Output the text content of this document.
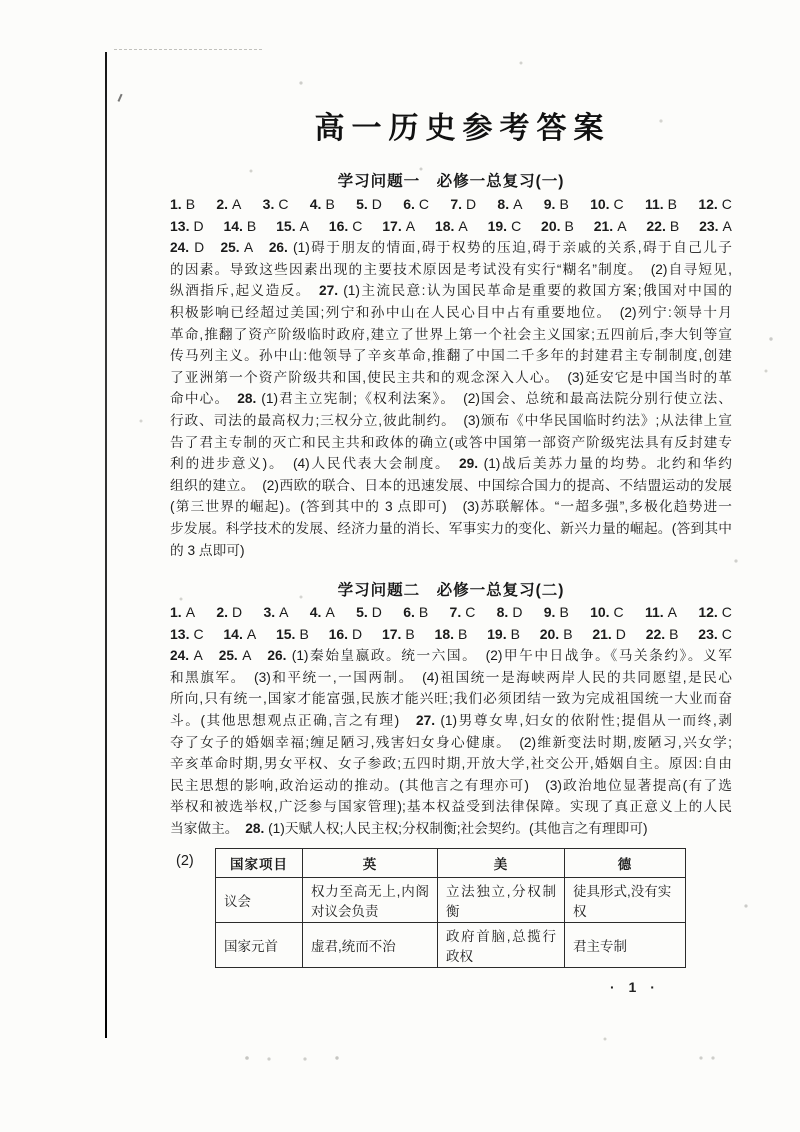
高一历史参考答案
学习问题一　必修一总复习(一)
1. B 2. A 3. C 4. B 5. D 6. C 7. D 8. A 9. B 10. C 11. B 12. C
13. D 14. B 15. A 16. C 17. A 18. A 19. C 20. B 21. A 22. B 23. A
24. D　25. A　26. (1)碍于朋友的情面,碍于权势的压迫,碍于亲戚的关系,碍于自己儿子
的因素。导致这些因素出现的主要技术原因是考试没有实行“糊名”制度。　(2)自寻短见,
纵酒指斥,起义造反。　27. (1)主流民意:认为国民革命是重要的救国方案;俄国对中国的
积极影响已经超过美国;列宁和孙中山在人民心目中占有重要地位。　(2)列宁:领导十月
革命,推翻了资产阶级临时政府,建立了世界上第一个社会主义国家;五四前后,李大钊等宣
传马列主义。孙中山:他领导了辛亥革命,推翻了中国二千多年的封建君主专制制度,创建
了亚洲第一个资产阶级共和国,使民主共和的观念深入人心。　(3)延安它是中国当时的革
命中心。　28. (1)君主立宪制;《权利法案》。　(2)国会、总统和最高法院分别行使立法、
行政、司法的最高权力;三权分立,彼此制约。　(3)颁布《中华民国临时约法》;从法律上宣
告了君主专制的灭亡和民主共和政体的确立(或答中国第一部资产阶级宪法具有反封建专
利的进步意义)。　(4)人民代表大会制度。　29. (1)战后美苏力量的均势。北约和华约
组织的建立。　(2)西欧的联合、日本的迅速发展、中国综合国力的提高、不结盟运动的发展
(第三世界的崛起)。(答到其中的 3 点即可)　(3)苏联解体。“一超多强”,多极化趋势进一
步发展。科学技术的发展、经济力量的消长、军事实力的变化、新兴力量的崛起。(答到其中
的 3 点即可)
学习问题二　必修一总复习(二)
1. A 2. D 3. A 4. A 5. D 6. B 7. C 8. D 9. B 10. C 11. A 12. C
13. C 14. A 15. B 16. D 17. B 18. B 19. B 20. B 21. D 22. B 23. C
24. A　25. A　26. (1)秦始皇嬴政。统一六国。　(2)甲午中日战争。《马关条约》。义军
和黑旗军。　(3)和平统一,一国两制。　(4)祖国统一是海峡两岸人民的共同愿望,是民心
所向,只有统一,国家才能富强,民族才能兴旺;我们必须团结一致为完成祖国统一大业而奋
斗。(其他思想观点正确,言之有理)　27. (1)男尊女卑,妇女的依附性;提倡从一而终,剥
夺了女子的婚姻幸福;缠足陋习,残害妇女身心健康。　(2)维新变法时期,废陋习,兴女学;
辛亥革命时期,男女平权、女子参政;五四时期,开放大学,社交公开,婚姻自主。原因:自由
民主思想的影响,政治运动的推动。(其他言之有理亦可)　(3)政治地位显著提高(有了选
举权和被选举权,广泛参与国家管理);基本权益受到法律保障。实现了真正意义上的人民
当家做主。　28. (1)天赋人权;人民主权;分权制衡;社会契约。(其他言之有理即可)
(2)	国家项目	英	美	德
议会	权力至高无上,内阁对议会负责	立法独立,分权制衡	徒具形式,没有实权
国家元首	虚君,统而不治	政府首脑,总揽行政权	君主专制
· 1 ·
